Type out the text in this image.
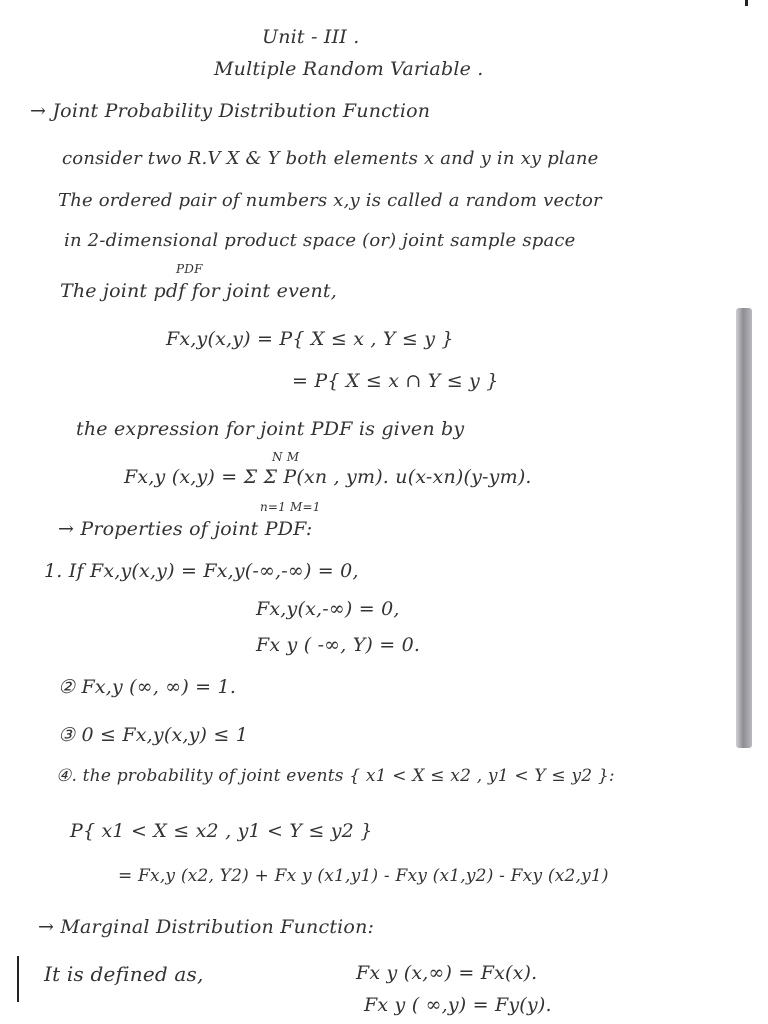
Unit - III .
Multiple Random Variable .
→ Joint Probability Distribution Function
consider two R.V X & Y both elements x and y in xy plane
The ordered pair of numbers x,y is called a random vector
in 2-dimensional product space (or) joint sample space
PDF
The joint pdf for joint event,
Fx,y(x,y) = P{ X ≤ x , Y ≤ y }
= P{ X ≤ x ∩ Y ≤ y }
the expression for joint PDF is given by
N M
Fx,y (x,y) = Σ Σ P(xn , ym). u(x-xn)(y-ym).
n=1 M=1
→ Properties of joint PDF:
1. If Fx,y(x,y) = Fx,y(-∞,-∞) = 0,
Fx,y(x,-∞) = 0,
Fx y ( -∞, Y) = 0.
② Fx,y (∞, ∞) = 1.
③ 0 ≤ Fx,y(x,y) ≤ 1
④. the probability of joint events { x1 < X ≤ x2 , y1 < Y ≤ y2 }:
P{ x1 < X ≤ x2 , y1 < Y ≤ y2 }
= Fx,y (x2, Y2) + Fx y (x1,y1) - Fxy (x1,y2) - Fxy (x2,y1)
→ Marginal Distribution Function:
It is defined as,	Fx y (x,∞) = Fx(x).
Fx y ( ∞,y) = Fy(y).
